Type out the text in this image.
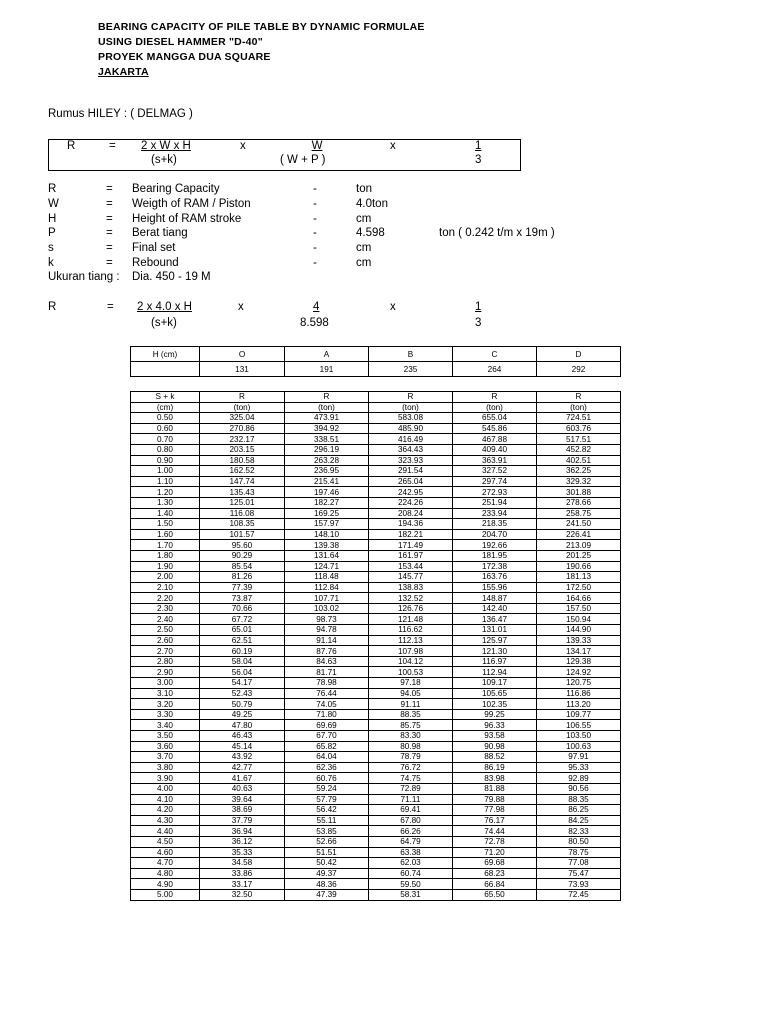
BEARING CAPACITY OF PILE TABLE BY DYNAMIC FORMULAE
USING DIESEL HAMMER "D-40"
PROYEK MANGGA DUA SQUARE
JAKARTA
Rumus HILEY : ( DELMAG )
R	= 2 x W x H
(s+k)
x	W
( W + P )
x	1
3
R	= Bearing Capacity	-	ton
W	= Weigth of RAM / Piston	-	4.0ton
H	= Height of RAM stroke	-	cm
P	= Berat tiang	-	4.598	ton ( 0.242 t/m x 19m )
s	= Final set	-	cm
k	= Rebound	-	cm
Ukuran tiang : Dia. 450 - 19 M
R	= 2 x 4.0 x H
(s+k)
x	4
8.598
x	1
3
H (cm)	O	A	B	C	D
	131	191	235	264	292
S + k	R	R	R	R	R
(cm)	(ton)	(ton)	(ton)	(ton)	(ton)
0.50	325.04	473.91	583.08	655.04	724.51
0.60	270.86	394.92	485.90	545.86	603.76
0.70	232.17	338.51	416.49	467.88	517.51
0.80	203.15	296.19	364.43	409.40	452.82
0.90	180.58	263.28	323.93	363.91	402.51
1.00	162.52	236.95	291.54	327.52	362.25
1.10	147.74	215.41	265.04	297.74	329.32
1.20	135.43	197.46	242.95	272.93	301.88
1.30	125.01	182.27	224.26	251.94	278.66
1.40	116.08	169.25	208.24	233.94	258.75
1.50	108.35	157.97	194.36	218.35	241.50
1.60	101.57	148.10	182.21	204.70	226.41
1.70	95.60	139.38	171.49	192.66	213.09
1.80	90.29	131.64	161.97	181.95	201.25
1.90	85.54	124.71	153.44	172.38	190.66
2.00	81.26	118.48	145.77	163.76	181.13
2.10	77.39	112.84	138.83	155.96	172.50
2.20	73.87	107.71	132.52	148.87	164.66
2.30	70.66	103.02	126.76	142.40	157.50
2.40	67.72	98.73	121.48	136.47	150.94
2.50	65.01	94.78	116.62	131.01	144.90
2.60	62.51	91.14	112.13	125.97	139.33
2.70	60.19	87.76	107.98	121.30	134.17
2.80	58.04	84.63	104.12	116.97	129.38
2.90	56.04	81.71	100.53	112.94	124.92
3.00	54.17	78.98	97.18	109.17	120.75
3.10	52.43	76.44	94.05	105.65	116.86
3.20	50.79	74.05	91.11	102.35	113.20
3.30	49.25	71.80	88.35	99.25	109.77
3.40	47.80	69.69	85.75	96.33	106.55
3.50	46.43	67.70	83.30	93.58	103.50
3.60	45.14	65.82	80.98	90.98	100.63
3.70	43.92	64.04	78.79	88.52	97.91
3.80	42.77	62.36	76.72	86.19	95.33
3.90	41.67	60.76	74.75	83.98	92.89
4.00	40.63	59.24	72.89	81.88	90.56
4.10	39.64	57.79	71.11	79.88	88.35
4.20	38.69	56.42	69.41	77.98	86.25
4.30	37.79	55.11	67.80	76.17	84.25
4.40	36.94	53.85	66.26	74.44	82.33
4.50	36.12	52.66	64.79	72.78	80.50
4.60	35.33	51.51	63.38	71.20	78.75
4.70	34.58	50.42	62.03	69.68	77.08
4.80	33.86	49.37	60.74	68.23	75.47
4.90	33.17	48.36	59.50	66.84	73.93
5.00	32.50	47.39	58.31	65.50	72.45
